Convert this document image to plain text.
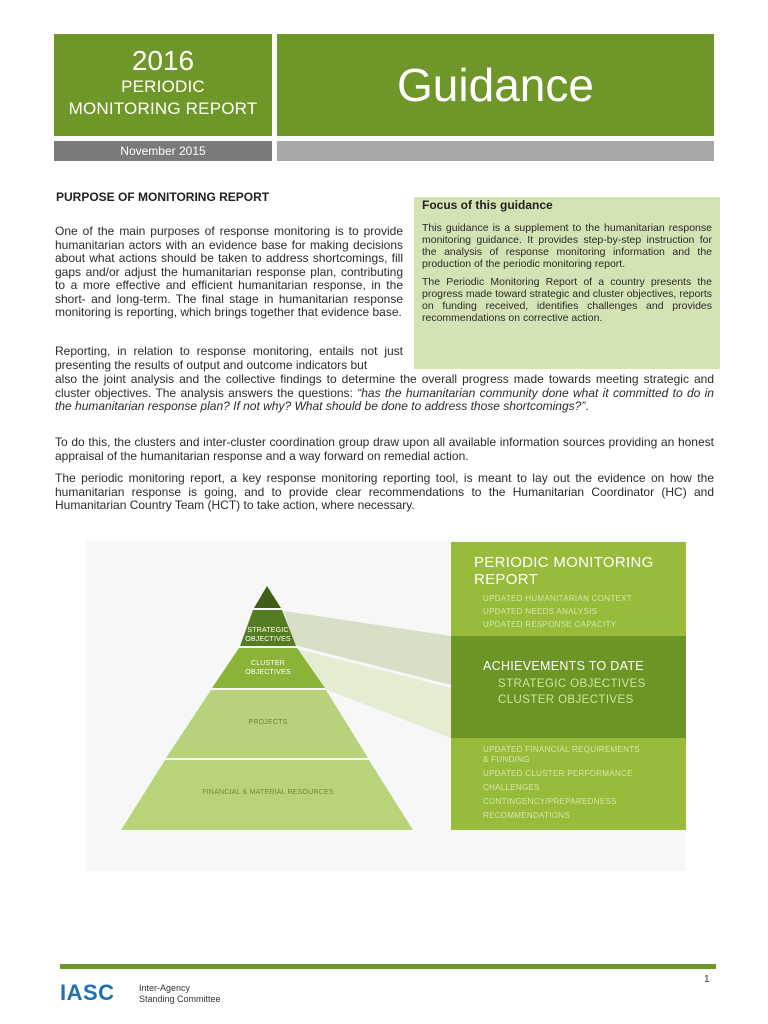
2016
PERIODIC
MONITORING REPORT	Guidance
November 2015
PURPOSE OF MONITORING REPORT

One of the main purposes of response monitoring is to provide humanitarian actors with an evidence base for making decisions about what actions should be taken to address shortcomings, fill gaps and/or adjust the humanitarian response plan, contributing to a more effective and efficient humanitarian response, in the short- and long-term. The final stage in humanitarian response monitoring is reporting, which brings together that evidence base.

Reporting, in relation to response monitoring, entails not just presenting the results of output and outcome indicators but

also the joint analysis and the collective findings to determine the overall progress made towards meeting strategic and cluster objectives. The analysis answers the questions: “has the humanitarian community done what it committed to do in the humanitarian response plan? If not why? What should be done to address those shortcomings?”.

To do this, the clusters and inter-cluster coordination group draw upon all available information sources providing an honest appraisal of the humanitarian response and a way forward on remedial action.

The periodic monitoring report, a key response monitoring reporting tool, is meant to lay out the evidence on how the humanitarian response is going, and to provide clear recommendations to the Humanitarian Coordinator (HC) and Humanitarian Country Team (HCT) to take action, where necessary.

Focus of this guidance

This guidance is a supplement to the humanitarian response monitoring guidance. It provides step-by-step instruction for the analysis of response monitoring information and the production of the periodic monitoring report.

The Periodic Monitoring Report of a country presents the progress made toward strategic and cluster objectives, reports on funding received, identifies challenges and provides recommendations on corrective action.

STRATEGIC
OBJECTIVES
CLUSTER
OBJECTIVES
PROJECTS
FINANCIAL & MATERIAL RESOURCES
PERIODIC MONITORING
REPORT
UPDATED HUMANITARIAN CONTEXT
UPDATED NEEDS ANALYSIS
UPDATED RESPONSE CAPACITY
ACHIEVEMENTS TO DATE
STRATEGIC OBJECTIVES
CLUSTER OBJECTIVES
UPDATED FINANCIAL REQUIREMENTS
& FUNDING
UPDATED CLUSTER PERFORMANCE
CHALLENGES
CONTINGENCY/PREPAREDNESS
RECOMMENDATIONS
1
IASC	Inter-Agency
Standing Committee
